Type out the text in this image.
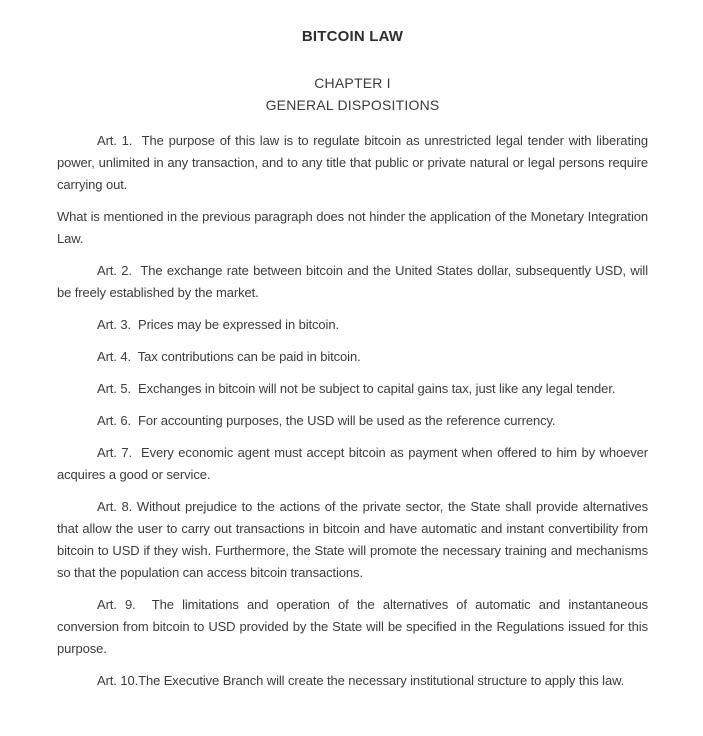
BITCOIN LAW
CHAPTER I
GENERAL DISPOSITIONS

Art. 1.  The purpose of this law is to regulate bitcoin as unrestricted legal tender with liberating power, unlimited in any transaction, and to any title that public or private natural or legal persons require carrying out.

What is mentioned in the previous paragraph does not hinder the application of the Monetary Integration Law.

Art. 2.  The exchange rate between bitcoin and the United States dollar, subsequently USD, will be freely established by the market.

Art. 3.  Prices may be expressed in bitcoin.

Art. 4.  Tax contributions can be paid in bitcoin.

Art. 5.  Exchanges in bitcoin will not be subject to capital gains tax, just like any legal tender.

Art. 6.  For accounting purposes, the USD will be used as the reference currency.

Art. 7.  Every economic agent must accept bitcoin as payment when offered to him by whoever acquires a good or service.

Art. 8. Without prejudice to the actions of the private sector, the State shall provide alternatives that allow the user to carry out transactions in bitcoin and have automatic and instant convertibility from bitcoin to USD if they wish. Furthermore, the State will promote the necessary training and mechanisms so that the population can access bitcoin transactions.

Art. 9.  The limitations and operation of the alternatives of automatic and instantaneous conversion from bitcoin to USD provided by the State will be specified in the Regulations issued for this purpose.

Art. 10.The Executive Branch will create the necessary institutional structure to apply this law.
